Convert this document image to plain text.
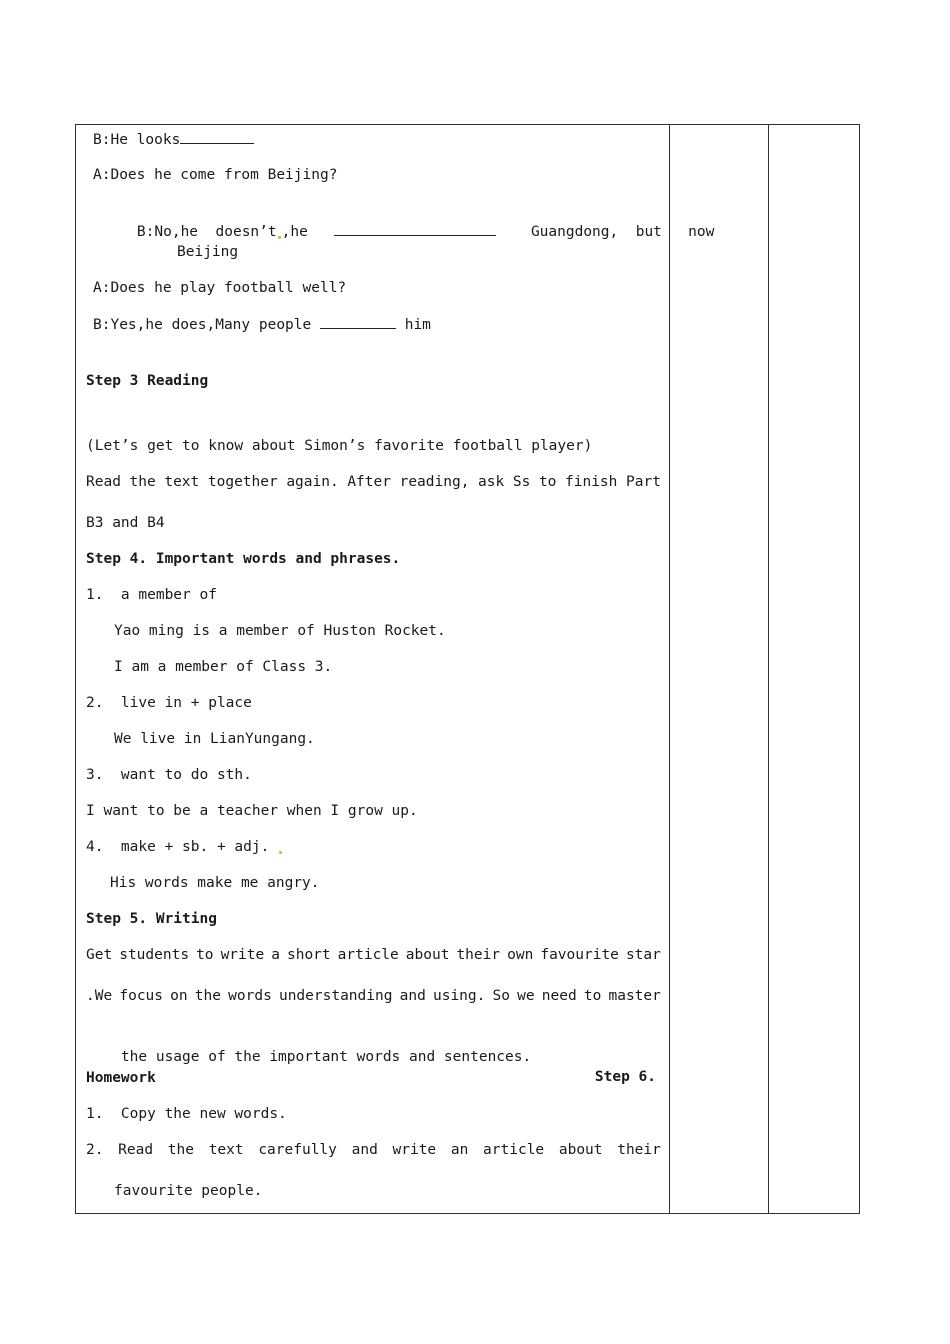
B:He looks
A:Does he come from Beijing?

B:No,he doesn’t ,he	Guangdong, but now

Beijing
A:Does he play football well?
B:Yes,he does,Many people	him
Step 3 Reading
(Let’s get to know about Simon’s favorite football player)
Read the text together again. After reading, ask Ss to finish Part
B3 and B4
Step 4. Important words and phrases.
1.  a member of
Yao ming is a member of Huston Rocket.
I am a member of Class 3.
2.  live in + place
We live in LianYungang.
3.  want to do sth.
I want to be a teacher when I grow up.
4.  make + sb. + adj.
His words make me angry.
Step 5. Writing
Get students to write a short article about their own favourite star
.We focus on the words understanding and using. So we need to master

the usage of the important words and sentences.

Step 6.

Homework
1.  Copy the new words.
2. Read the text carefully and write an article about their
favourite people.
